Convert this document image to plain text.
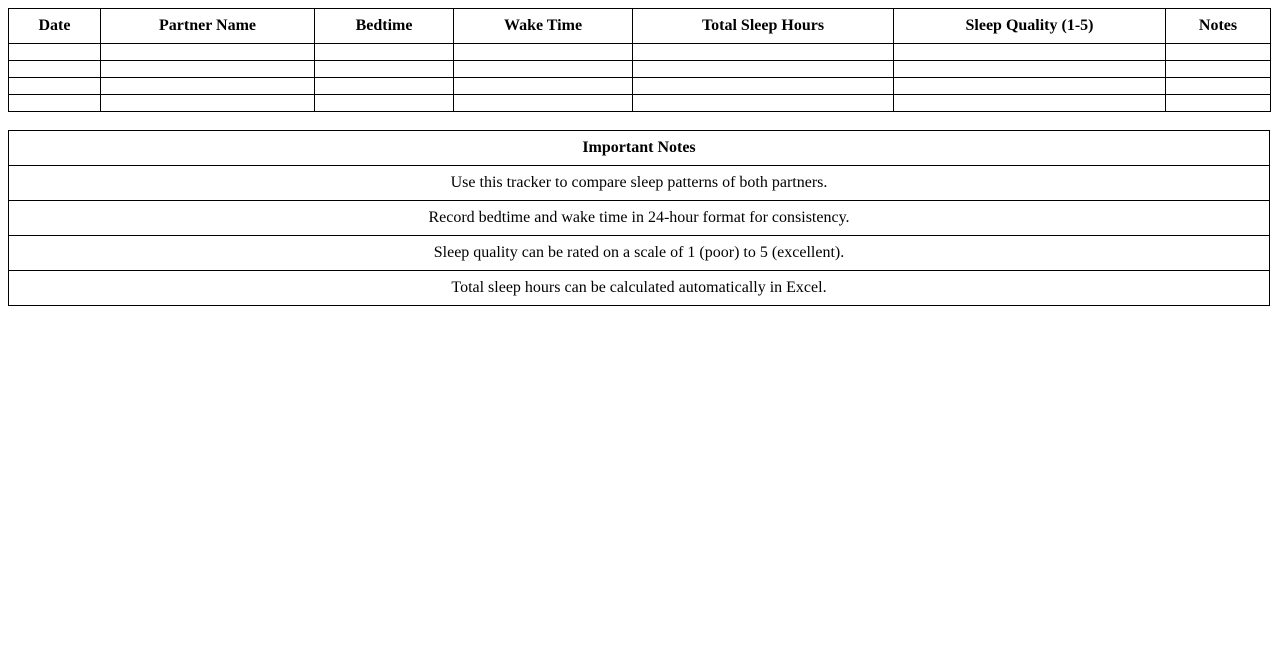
Date	Partner Name	Bedtime	Wake Time	Total Sleep Hours	Sleep Quality (1-5)	Notes

Important Notes
Use this tracker to compare sleep patterns of both partners.
Record bedtime and wake time in 24-hour format for consistency.
Sleep quality can be rated on a scale of 1 (poor) to 5 (excellent).
Total sleep hours can be calculated automatically in Excel.
